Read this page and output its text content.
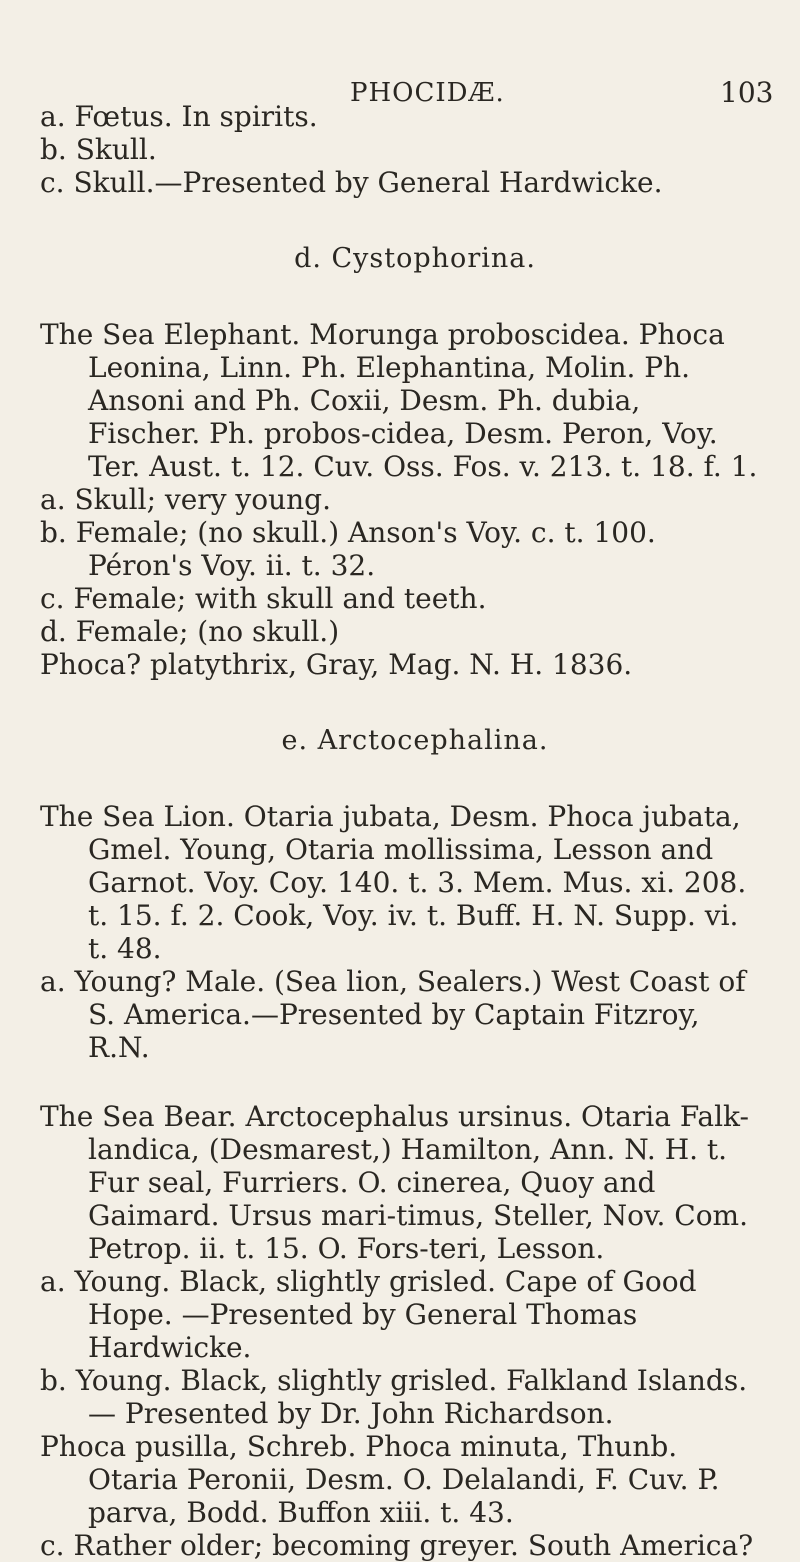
PHOCIDÆ.	103

a. Fœtus. In spirits.

b. Skull.

c. Skull.—Presented by General Hardwicke.

d. Cystophorina.

The Sea Elephant. Morunga proboscidea. Phoca Leonina, Linn. Ph. Elephantina, Molin. Ph. Ansoni and Ph. Coxii, Desm. Ph. dubia, Fischer. Ph. probos-cidea, Desm. Peron, Voy. Ter. Aust. t. 12. Cuv. Oss. Fos. v. 213. t. 18. f. 1.

a. Skull; very young.

b. Female; (no skull.) Anson's Voy. c. t. 100. Péron's Voy. ii. t. 32.

c. Female; with skull and teeth.

d. Female; (no skull.)

Phoca? platythrix, Gray, Mag. N. H. 1836.

e. Arctocephalina.

The Sea Lion. Otaria jubata, Desm. Phoca jubata, Gmel. Young, Otaria mollissima, Lesson and Garnot. Voy. Coy. 140. t. 3. Mem. Mus. xi. 208. t. 15. f. 2. Cook, Voy. iv. t. Buff. H. N. Supp. vi. t. 48.

a. Young? Male. (Sea lion, Sealers.) West Coast of S. America.—Presented by Captain Fitzroy, R.N.

The Sea Bear. Arctocephalus ursinus. Otaria Falk-landica, (Desmarest,) Hamilton, Ann. N. H. t. Fur seal, Furriers. O. cinerea, Quoy and Gaimard. Ursus mari-timus, Steller, Nov. Com. Petrop. ii. t. 15. O. Fors-teri, Lesson.

a. Young. Black, slightly grisled. Cape of Good Hope. —Presented by General Thomas Hardwicke.

b. Young. Black, slightly grisled. Falkland Islands.— Presented by Dr. John Richardson.

Phoca pusilla, Schreb. Phoca minuta, Thunb. Otaria Peronii, Desm. O. Delalandi, F. Cuv. P. parva, Bodd. Buffon xiii. t. 43.

c. Rather older; becoming greyer. South America?
